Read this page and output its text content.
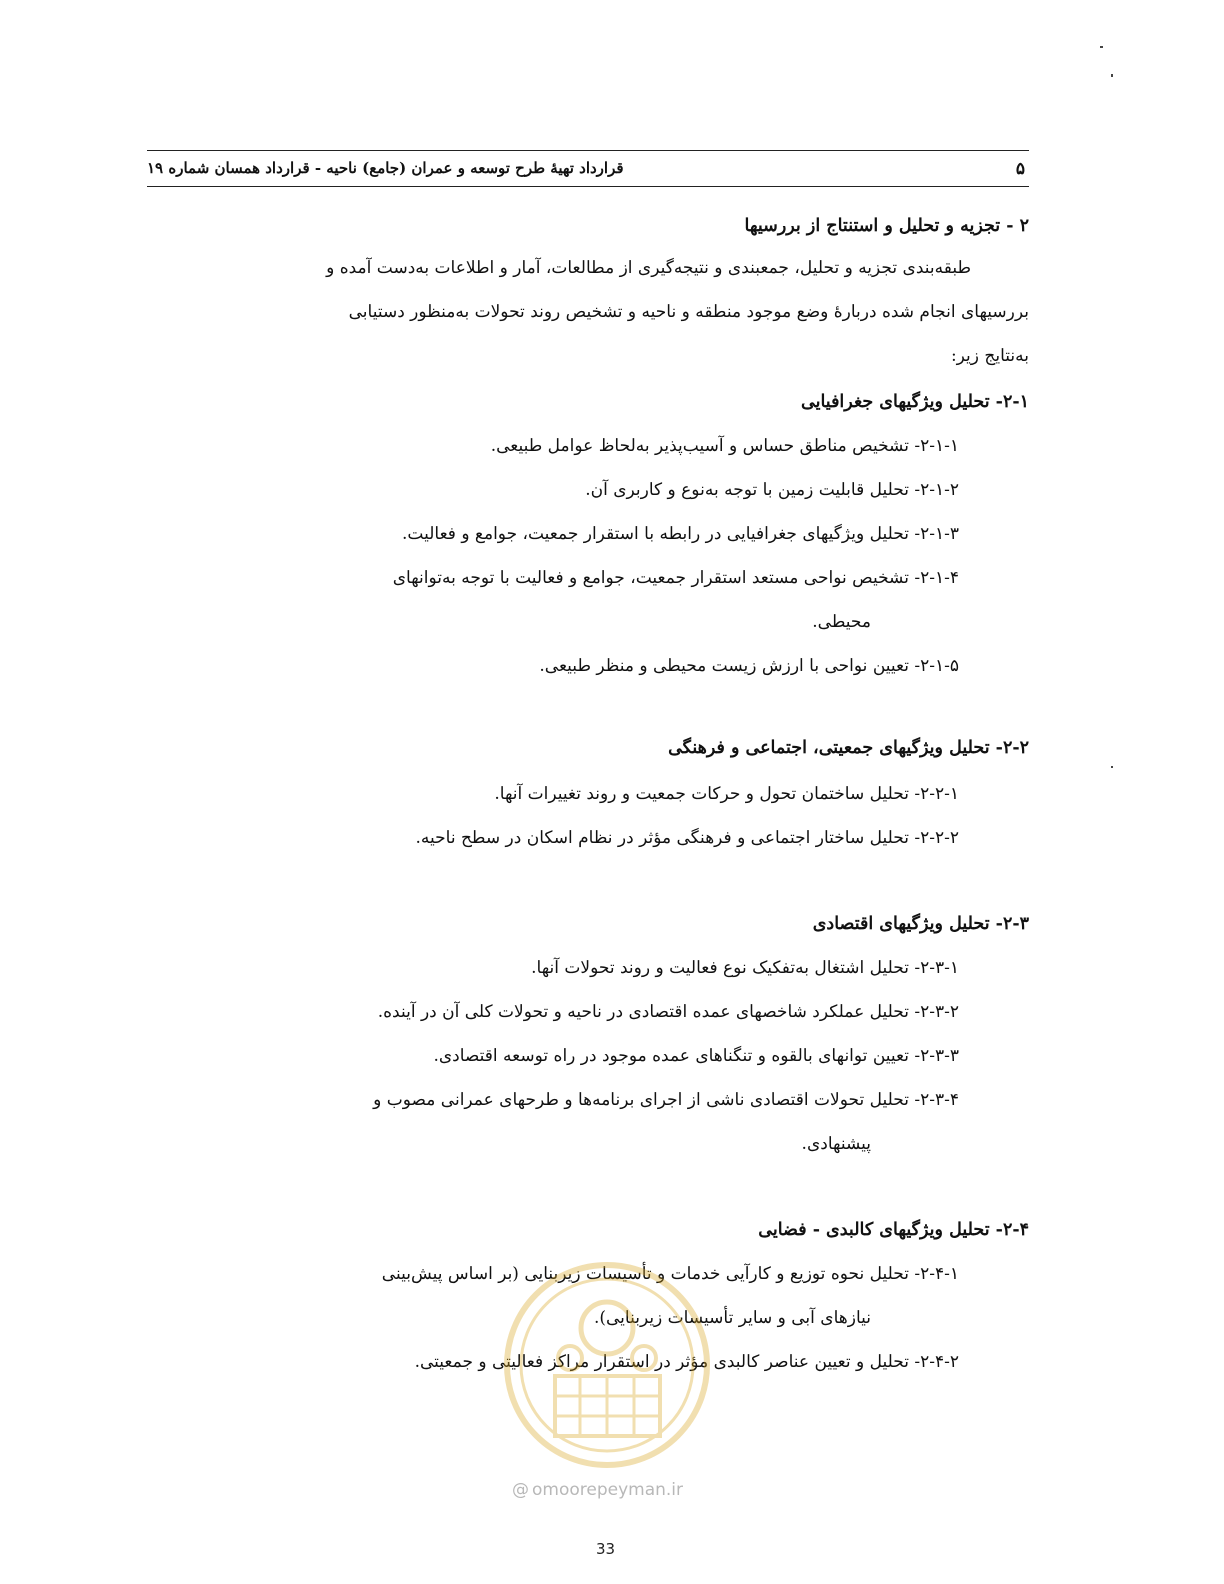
۵
قرارداد تهیهٔ طرح توسعه و عمران (جامع) ناحیه - قرارداد همسان شماره ۱۹
۲ - تجزیه و تحلیل و استنتاج از بررسیها
طبقه‌بندی تجزیه و تحلیل، جمعبندی و نتیجه‌گیری از مطالعات، آمار و اطلاعات به‌دست آمده و
بررسیهای انجام شده دربارهٔ وضع موجود منطقه و ناحیه و تشخیص روند تحولات به‌منظور دستیابی
به‌نتایج زیر:
۲-۱- تحلیل ویژگیهای جغرافیایی
۲-۱-۱- تشخیص مناطق حساس و آسیب‌پذیر به‌لحاظ عوامل طبیعی.
۲-۱-۲- تحلیل قابلیت زمین با توجه به‌نوع و کاربری آن.
۲-۱-۳- تحلیل ویژگیهای جغرافیایی در رابطه با استقرار جمعیت، جوامع و فعالیت.
۲-۱-۴- تشخیص نواحی مستعد استقرار جمعیت، جوامع و فعالیت با توجه به‌توانهای
محیطی.
۲-۱-۵- تعیین نواحی با ارزش زیست محیطی و منظر طبیعی.
۲-۲- تحلیل ویژگیهای جمعیتی، اجتماعی و فرهنگی
۲-۲-۱- تحلیل ساختمان تحول و حرکات جمعیت و روند تغییرات آنها.
۲-۲-۲- تحلیل ساختار اجتماعی و فرهنگی مؤثر در نظام اسکان در سطح ناحیه.
۲-۳- تحلیل ویژگیهای اقتصادی
۲-۳-۱- تحلیل اشتغال به‌تفکیک نوع فعالیت و روند تحولات آنها.
۲-۳-۲- تحلیل عملکرد شاخصهای عمده اقتصادی در ناحیه و تحولات کلی آن در آینده.
۲-۳-۳- تعیین توانهای بالقوه و تنگناهای عمده موجود در راه توسعه اقتصادی.
۲-۳-۴- تحلیل تحولات اقتصادی ناشی از اجرای برنامه‌ها و طرحهای عمرانی مصوب و
پیشنهادی.
۲-۴- تحلیل ویژگیهای کالبدی - فضایی
۲-۴-۱- تحلیل نحوه توزیع و کارآیی خدمات و تأسیسات زیربنایی (بر اساس پیش‌بینی
نیازهای آبی و سایر تأسیسات زیربنایی).
۲-۴-۲- تحلیل و تعیین عناصر کالبدی مؤثر در استقرار مراکز فعالیتی و جمعیتی.
@ omoorepeyman.ir
33
